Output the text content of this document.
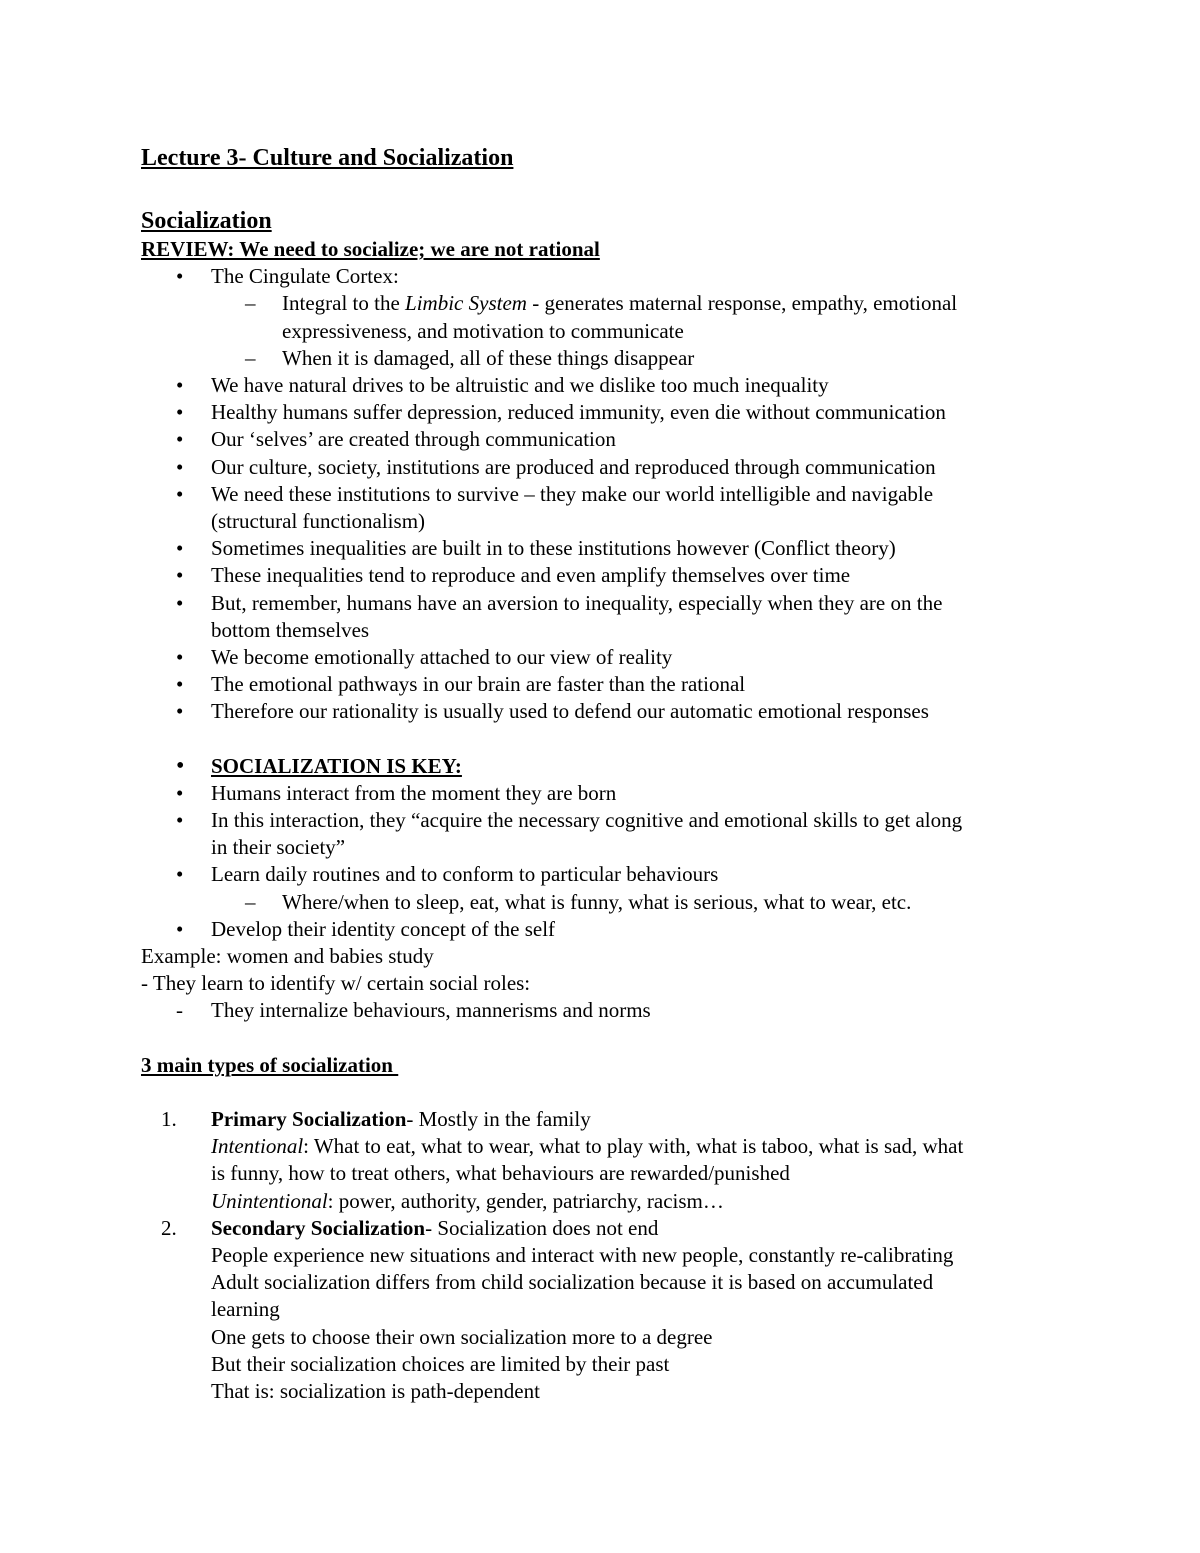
Lecture 3- Culture and Socialization

Socialization

REVIEW: We need to socialize; we are not rational

• The Cingulate Cortex:

– Integral to the Limbic System - generates maternal response, empathy, emotional

expressiveness, and motivation to communicate

– When it is damaged, all of these things disappear

• We have natural drives to be altruistic and we dislike too much inequality

• Healthy humans suffer depression, reduced immunity, even die without communication

• Our ‘selves’ are created through communication

• Our culture, society, institutions are produced and reproduced through communication

• We need these institutions to survive – they make our world intelligible and navigable

(structural functionalism)

• Sometimes inequalities are built in to these institutions however (Conflict theory)

• These inequalities tend to reproduce and even amplify themselves over time

• But, remember, humans have an aversion to inequality, especially when they are on the

bottom themselves

• We become emotionally attached to our view of reality

• The emotional pathways in our brain are faster than the rational

• Therefore our rationality is usually used to defend our automatic emotional responses

• SOCIALIZATION IS KEY:

• Humans interact from the moment they are born

• In this interaction, they “acquire the necessary cognitive and emotional skills to get along

in their society”

• Learn daily routines and to conform to particular behaviours

– Where/when to sleep, eat, what is funny, what is serious, what to wear, etc.

• Develop their identity concept of the self

Example: women and babies study

- They learn to identify w/ certain social roles:

- They internalize behaviours, mannerisms and norms

3 main types of socialization

1. Primary Socialization- Mostly in the family

Intentional: What to eat, what to wear, what to play with, what is taboo, what is sad, what

is funny, how to treat others, what behaviours are rewarded/punished

Unintentional: power, authority, gender, patriarchy, racism…

2. Secondary Socialization- Socialization does not end

People experience new situations and interact with new people, constantly re-calibrating

Adult socialization differs from child socialization because it is based on accumulated

learning

One gets to choose their own socialization more to a degree

But their socialization choices are limited by their past

That is: socialization is path-dependent
